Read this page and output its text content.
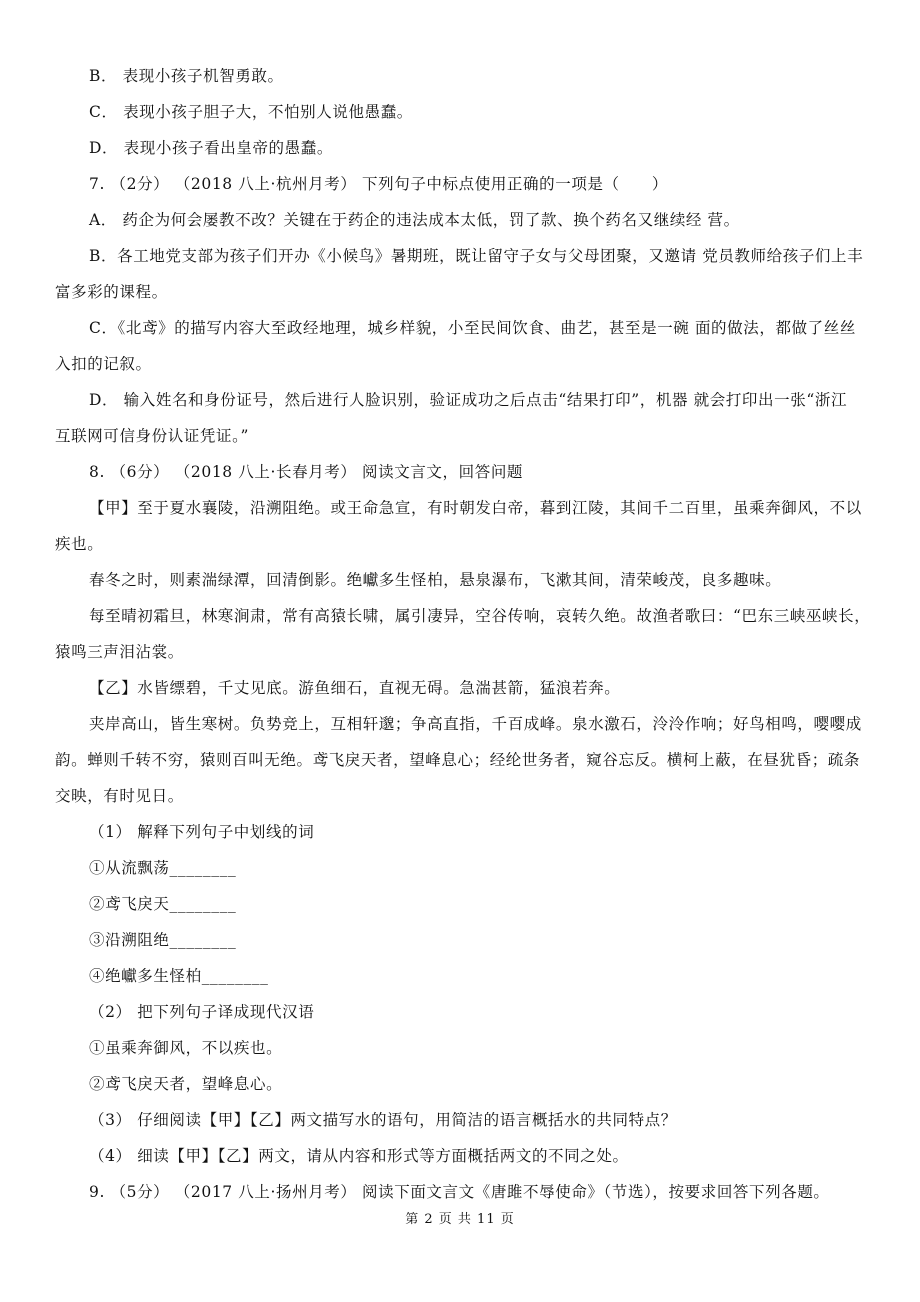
B． 表现小孩子机智勇敢。
C． 表现小孩子胆子大，不怕别人说他愚蠢。
D． 表现小孩子看出皇帝的愚蠢。
7. （2分） （2018 八上·杭州月考） 下列句子中标点使用正确的一项是（　　）
A． 药企为何会屡教不改？关键在于药企的违法成本太低，罚了款、换个药名又继续经 营。
B．各工地党支部为孩子们开办《小候鸟》暑期班，既让留守子女与父母团聚，又邀请 党员教师给孩子们上丰
富多彩的课程。
C．《北鸢》的描写内容大至政经地理，城乡样貌，小至民间饮食、曲艺，甚至是一碗 面的做法，都做了丝丝
入扣的记叙。
D． 输入姓名和身份证号，然后进行人脸识别，验证成功之后点击“结果打印”，机器 就会打印出一张“浙江
互联网可信身份认证凭证。”
8. （6分） （2018 八上·长春月考） 阅读文言文，回答问题
【甲】至于夏水襄陵，沿溯阻绝。或王命急宣，有时朝发白帝，暮到江陵，其间千二百里，虽乘奔御风，不以
疾也。
春冬之时，则素湍绿潭，回清倒影。绝巘多生怪柏，悬泉瀑布，飞漱其间，清荣峻茂，良多趣味。
每至晴初霜旦，林寒涧肃，常有高猿长啸，属引凄异，空谷传响，哀转久绝。故渔者歌曰：“巴东三峡巫峡长，
猿鸣三声泪沾裳。
【乙】水皆缥碧，千丈见底。游鱼细石，直视无碍。急湍甚箭，猛浪若奔。
夹岸高山，皆生寒树。负势竞上，互相轩邈；争高直指，千百成峰。泉水激石，泠泠作响；好鸟相鸣，嘤嘤成
韵。蝉则千转不穷，猿则百叫无绝。鸢飞戾天者，望峰息心；经纶世务者，窥谷忘反。横柯上蔽，在昼犹昏；疏条
交映，有时见日。
（1） 解释下列句子中划线的词
①从流飘荡________
②鸢飞戾天________
③沿溯阻绝________
④绝巘多生怪柏________
（2） 把下列句子译成现代汉语
①虽乘奔御风，不以疾也。
②鸢飞戾天者，望峰息心。
（3） 仔细阅读【甲】【乙】两文描写水的语句，用简洁的语言概括水的共同特点？
（4） 细读【甲】【乙】两文，请从内容和形式等方面概括两文的不同之处。
9. （5分） （2017 八上·扬州月考） 阅读下面文言文《唐雎不辱使命》（节选），按要求回答下列各题。
第 2 页 共 11 页
